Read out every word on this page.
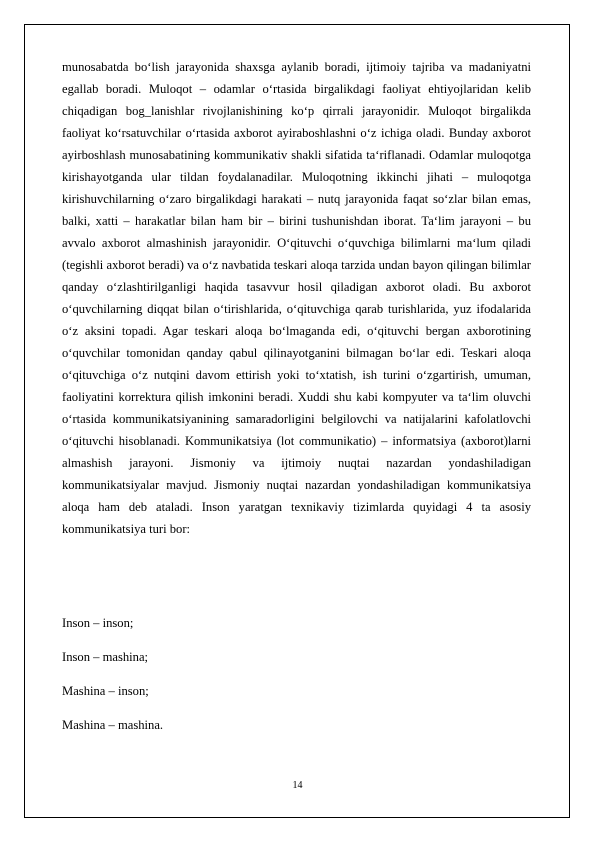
munosabatda boʻlish jarayonida shaxsga aylanib boradi, ijtimoiy tajriba va madaniyatni egallab boradi. Muloqot – odamlar oʻrtasida birgalikdagi faoliyat ehtiyojlaridan kelib chiqadigan bog_lanishlar rivojlanishining koʻp qirrali jarayonidir. Muloqot birgalikda faoliyat koʻrsatuvchilar oʻrtasida axborot ayiraboshlashni oʻz ichiga oladi. Bunday axborot ayirboshlash munosabatining kommunikativ shakli sifatida taʻriflanadi. Odamlar muloqotga kirishayotganda ular tildan foydalanadilar. Muloqotning ikkinchi jihati – muloqotga kirishuvchilarning oʻzaro birgalikdagi harakati – nutq jarayonida faqat soʻzlar bilan emas, balki, xatti – harakatlar bilan ham bir – birini tushunishdan iborat. Taʻlim jarayoni – bu avvalo axborot almashinish jarayonidir. Oʻqituvchi oʻquvchiga bilimlarni maʻlum qiladi (tegishli axborot beradi) va oʻz navbatida teskari aloqa tarzida undan bayon qilingan bilimlar qanday oʻzlashtirilganligi haqida tasavvur hosil qiladigan axborot oladi. Bu axborot oʻquvchilarning diqqat bilan oʻtirishlarida, oʻqituvchiga qarab turishlarida, yuz ifodalarida oʻz aksini topadi. Agar teskari aloqa boʻlmaganda edi, oʻqituvchi bergan axborotining oʻquvchilar tomonidan qanday qabul qilinayotganini bilmagan boʻlar edi. Teskari aloqa oʻqituvchiga oʻz nutqini davom ettirish yoki toʻxtatish, ish turini oʻzgartirish, umuman, faoliyatini korrektura qilish imkonini beradi. Xuddi shu kabi kompyuter va taʻlim oluvchi oʻrtasida kommunikatsiyanining samaradorligini belgilovchi va natijalarini kafolatlovchi oʻqituvchi hisoblanadi. Kommunikatsiya (lot communikatio) – informatsiya (axborot)larni almashish jarayoni. Jismoniy va ijtimoiy nuqtai nazardan yondashiladigan kommunikatsiyalar mavjud. Jismoniy nuqtai nazardan yondashiladigan kommunikatsiya aloqa ham deb ataladi. Inson yaratgan texnikaviy tizimlarda quyidagi 4 ta asosiy kommunikatsiya turi bor:

Inson – inson;
Inson – mashina;
Mashina – inson;
Mashina – mashina.
14
